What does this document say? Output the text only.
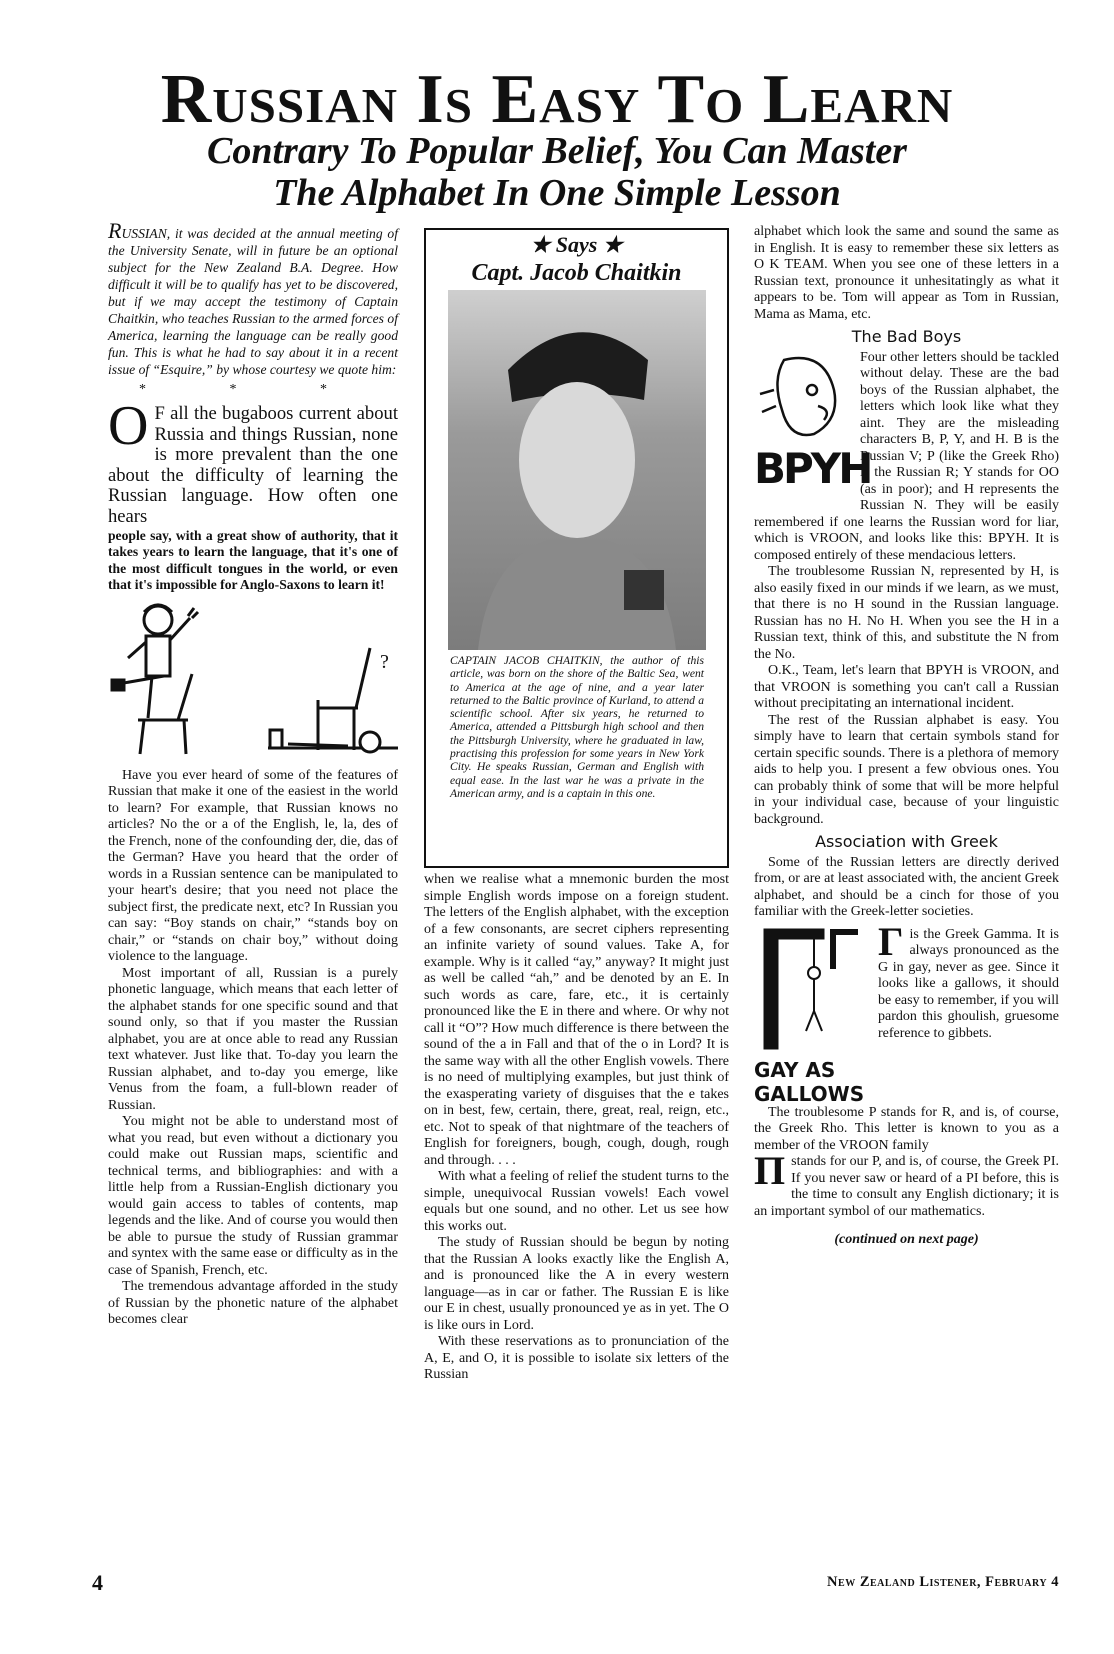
Russian Is Easy To Learn
Contrary To Popular Belief, You Can Master
The Alphabet In One Simple Lesson

RUSSIAN, it was decided at the annual meeting of the University Senate, will in future be an optional subject for the New Zealand B.A. Degree. How difficult it will be to qualify has yet to be discovered, but if we may accept the testimony of Captain Chaitkin, who teaches Russian to the armed forces of America, learning the language can be really good fun. This is what he had to say about it in a recent issue of “Esquire,” by whose courtesy we quote him:

* * *
O F all the bugaboos current about Russia and things Russian, none is more prevalent than the one about the difficulty of learning the Russian language. How often one hears
people say, with a great show of authority, that it takes years to learn the language, that it's one of the most difficult tongues in the world, or even that it's impossible for Anglo-Saxons to learn it!
?

Have you ever heard of some of the features of Russian that make it one of the easiest in the world to learn? For example, that Russian knows no articles? No the or a of the English, le, la, des of the French, none of the confounding der, die, das of the German? Have you heard that the order of words in a Russian sentence can be manipulated to your heart's desire; that you need not place the subject first, the predicate next, etc? In Russian you can say: “Boy stands on chair,” “stands boy on chair,” or “stands on chair boy,” without doing violence to the language.

Most important of all, Russian is a purely phonetic language, which means that each letter of the alphabet stands for one specific sound and that sound only, so that if you master the Russian alphabet, you are at once able to read any Russian text whatever. Just like that. To-day you learn the Russian alphabet, and to-day you emerge, like Venus from the foam, a full-blown reader of Russian.

You might not be able to understand most of what you read, but even without a dictionary you could make out Russian maps, scientific and technical terms, and bibliographies: and with a little help from a Russian-English dictionary you would gain access to tables of contents, map legends and the like. And of course you would then be able to pursue the study of Russian grammar and syntex with the same ease or difficulty as in the case of Spanish, French, etc.

The tremendous advantage afforded in the study of Russian by the phonetic nature of the alphabet becomes clear

4
★ Says ★
Capt. Jacob Chaitkin
CAPTAIN JACOB CHAITKIN, the author of this article, was born on the shore of the Baltic Sea, went to America at the age of nine, and a year later returned to the Baltic province of Kurland, to attend a scientific school. After six years, he returned to America, attended a Pittsburgh high school and then the Pittsburgh University, where he graduated in law, practising this profession for some years in New York City. He speaks Russian, German and English with equal ease. In the last war he was a private in the American army, and is a captain in this one.

when we realise what a mnemonic burden the most simple English words impose on a foreign student. The letters of the English alphabet, with the exception of a few consonants, are secret ciphers representing an infinite variety of sound values. Take A, for example. Why is it called “ay,” anyway? It might just as well be called “ah,” and be denoted by an E. In such words as care, fare, etc., it is certainly pronounced like the E in there and where. Or why not call it “O”? How much difference is there between the sound of the a in Fall and that of the o in Lord? It is the same way with all the other English vowels. There is no need of multiplying examples, but just think of the exasperating variety of disguises that the e takes on in best, few, certain, there, great, real, reign, etc., etc. Not to speak of that nightmare of the teachers of English for foreigners, bough, cough, dough, rough and through. . . .

With what a feeling of relief the student turns to the simple, unequivocal Russian vowels! Each vowel equals but one sound, and no other. Let us see how this works out.

The study of Russian should be begun by noting that the Russian A looks exactly like the English A, and is pronounced like the A in every western language—as in car or father. The Russian E is like our E in chest, usually pronounced ye as in yet. The O is like ours in Lord.

With these reservations as to pronunciation of the A, E, and O, it is possible to isolate six letters of the Russian

alphabet which look the same and sound the same as in English. It is easy to remember these six letters as O K TEAM. When you see one of these letters in a Russian text, pronounce it unhesitatingly as what it appears to be. Tom will appear as Tom in Russian, Mama as Mama, etc.

The Bad Boys
BPYH

Four other letters should be tackled without delay. These are the bad boys of the Russian alphabet, the letters which look like what they aint. They are the misleading characters B, P, Y, and H. B is the Russian V; P (like the Greek Rho) is the Russian R; Y stands for OO (as in poor); and H represents the Russian N. They will be easily remembered if one learns the Russian word for liar, which is VROON, and looks like this: BPYH. It is composed entirely of these mendacious letters.

The troublesome Russian N, represented by H, is also easily fixed in our minds if we learn, as we must, that there is no H sound in the Russian language. Russian has no H. No H. When you see the H in a Russian text, think of this, and substitute the N from the No.

O.K., Team, let's learn that BPYH is VROON, and that VROON is something you can't call a Russian without precipitating an international incident.

The rest of the Russian alphabet is easy. You simply have to learn that certain symbols stand for certain specific sounds. There is a plethora of memory aids to help you. I present a few obvious ones. You can probably think of some that will be more helpful in your individual case, because of your linguistic background.

Association with Greek

Some of the Russian letters are directly derived from, or are at least associated with, the ancient Greek alphabet, and should be a cinch for those of you familiar with the Greek-letter societies.

GAY AS
GALLOWS

Гis the Greek Gamma. It is always pronounced as the G in gay, never as gee. Since it looks like a gallows, it should be easy to remember, if you will pardon this ghoulish, gruesome reference to gibbets.

The troublesome P stands for R, and is, of course, the Greek Rho. This letter is known to you as a member of the VROON family

Пstands for our P, and is, of course, the Greek PI. If you never saw or heard of a PI before, this is the time to consult any English dictionary; it is an important symbol of our mathematics.

(continued on next page)
New Zealand Listener, February 4
